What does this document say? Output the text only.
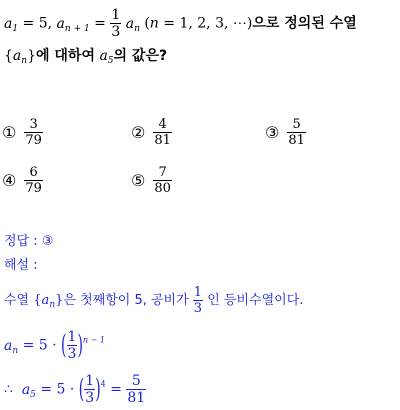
$a_1 = 5$, $a_{n + 1} = \frac{1}{3} a_n$ (n = 1, 2, 3, ⋯)으로 정의된 수열
$\{a_n\}$에 대하여 $a_5$의 값은?
① $\frac{3}{79}$	② $\frac{4}{81}$	③ $\frac{5}{81}$
④ $\frac{6}{79}$	⑤ $\frac{7}{80}$
정답 : ③
해설 :
수열 $\{a_n\}$은 첫째항이 5, 공비가 $\frac{1}{3}$ 인 등비수열이다.
$a_n = 5$ · ( $\frac{1}{3} )^{n - 1}$
∴  $a_5 = 5$ · ( $\frac{1}{3} )^4 = \frac{5}{81}$
